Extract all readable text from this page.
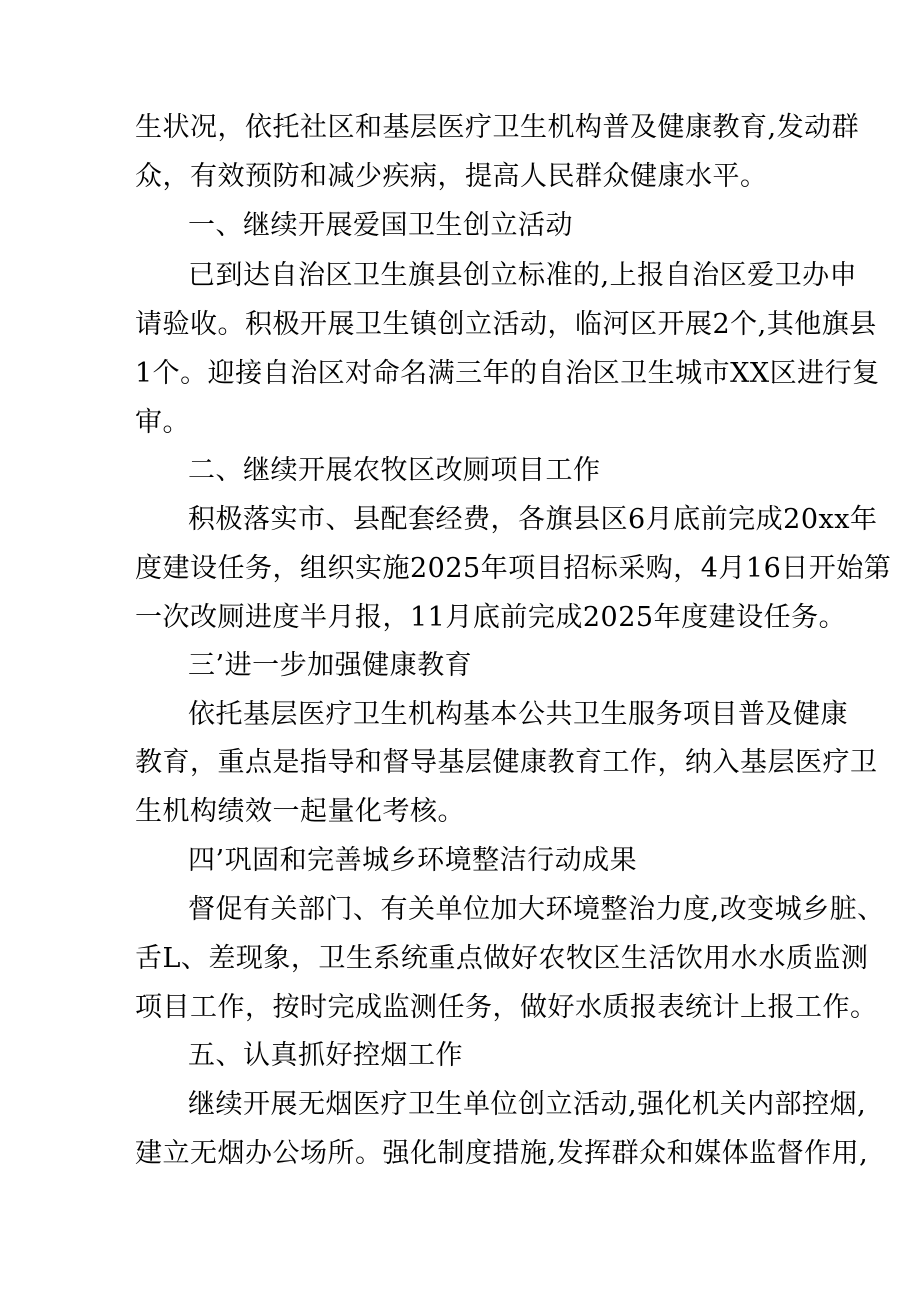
生状况，依托社区和基层医疗卫生机构普及健康教育,发动群
众，有效预防和减少疾病，提高人民群众健康水平。
一、继续开展爱国卫生创立活动
已到达自治区卫生旗县创立标准的,上报自治区爱卫办申
请验收。积极开展卫生镇创立活动，临河区开展2个,其他旗县
1个。迎接自治区对命名满三年的自治区卫生城市XX区进行复
审。
二、继续开展农牧区改厕项目工作
积极落实市、县配套经费，各旗县区6月底前完成20xx年
度建设任务，组织实施2025年项目招标采购，4月16日开始第
一次改厕进度半月报，11月底前完成2025年度建设任务。
三’进一步加强健康教育
依托基层医疗卫生机构基本公共卫生服务项目普及健康
教育，重点是指导和督导基层健康教育工作，纳入基层医疗卫
生机构绩效一起量化考核。
四’巩固和完善城乡环境整洁行动成果
督促有关部门、有关单位加大环境整治力度,改变城乡脏、
舌L、差现象，卫生系统重点做好农牧区生活饮用水水质监测
项目工作，按时完成监测任务，做好水质报表统计上报工作。
五、认真抓好控烟工作
继续开展无烟医疗卫生单位创立活动,强化机关内部控烟,
建立无烟办公场所。强化制度措施,发挥群众和媒体监督作用,
